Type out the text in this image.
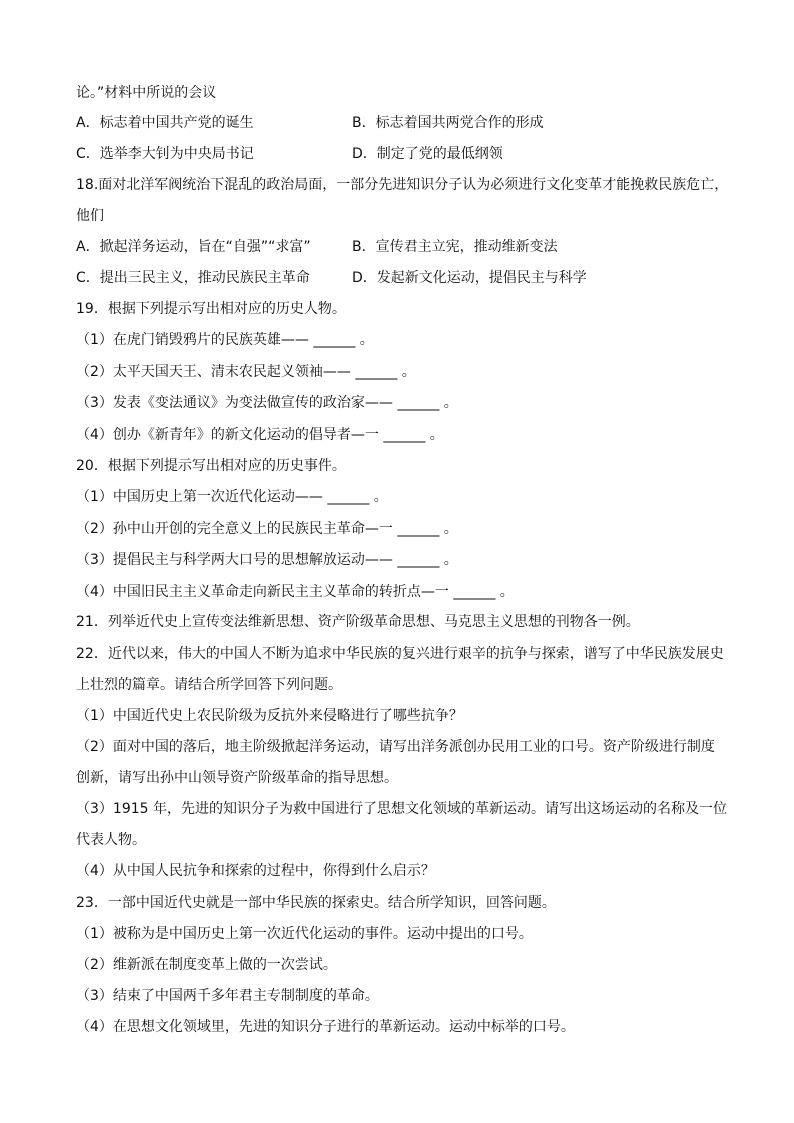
论。”材料中所说的会议
A．标志着中国共产党的诞生	B．标志着国共两党合作的形成
C．选举李大钊为中央局书记	D．制定了党的最低纲领
18.面对北洋军阀统治下混乱的政治局面，一部分先进知识分子认为必须进行文化变革才能挽救民族危亡，
他们
A．掀起洋务运动，旨在“自强”“求富”	B．宣传君主立宪，推动维新变法
C．提出三民主义，推动民族民主革命	D．发起新文化运动，提倡民主与科学
19．根据下列提示写出相对应的历史人物。
（1）在虎门销毁鸦片的民族英雄—— ______ 。
（2）太平天国天王、清末农民起义领袖—— ______ 。
（3）发表《变法通议》为变法做宣传的政治家—— ______ 。
（4）创办《新青年》的新文化运动的倡导者—一 ______ 。
20．根据下列提示写出相对应的历史事件。
（1）中国历史上第一次近代化运动—— ______ 。
（2）孙中山开创的完全意义上的民族民主革命—一 ______ 。
（3）提倡民主与科学两大口号的思想解放运动—— ______ 。
（4）中国旧民主主义革命走向新民主主义革命的转折点—一 ______ 。
21．列举近代史上宣传变法维新思想、资产阶级革命思想、马克思主义思想的刊物各一例。
22．近代以来，伟大的中国人不断为追求中华民族的复兴进行艰辛的抗争与探索，谱写了中华民族发展史
上壮烈的篇章。请结合所学回答下列问题。
（1）中国近代史上农民阶级为反抗外来侵略进行了哪些抗争？
（2）面对中国的落后，地主阶级掀起洋务运动，请写出洋务派创办民用工业的口号。资产阶级进行制度
创新，请写出孙中山领导资产阶级革命的指导思想。
（3）1915 年，先进的知识分子为救中国进行了思想文化领域的革新运动。请写出这场运动的名称及一位
代表人物。
（4）从中国人民抗争和探索的过程中，你得到什么启示？
23．一部中国近代史就是一部中华民族的探索史。结合所学知识，回答问题。
（1）被称为是中国历史上第一次近代化运动的事件。运动中提出的口号。
（2）维新派在制度变革上做的一次尝试。
（3）结束了中国两千多年君主专制制度的革命。
（4）在思想文化领域里，先进的知识分子进行的革新运动。运动中标举的口号。
